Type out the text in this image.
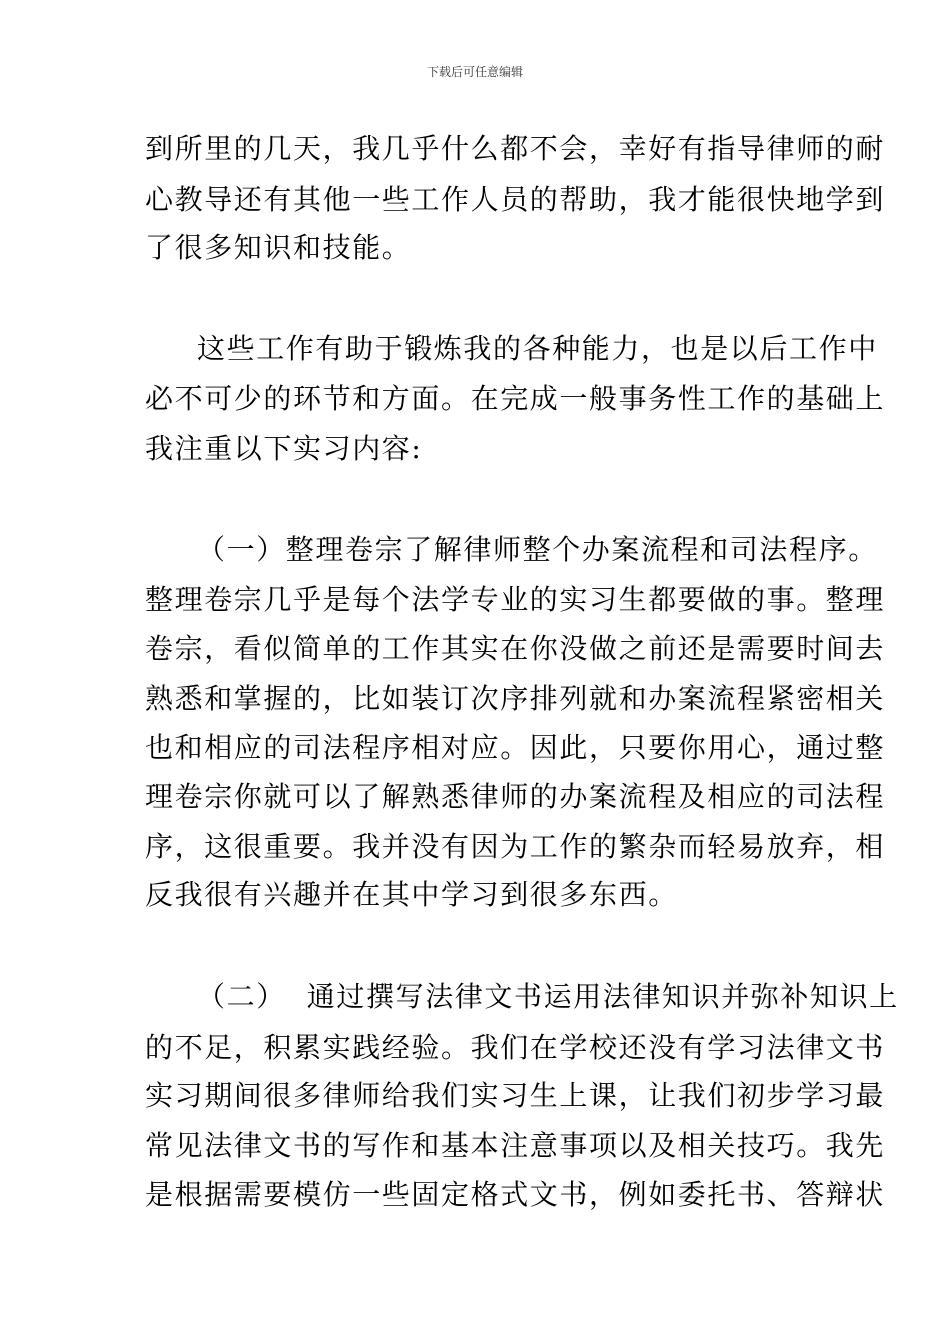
下载后可任意编辑
到所里的几天，我几乎什么都不会，幸好有指导律师的耐
心教导还有其他一些工作人员的帮助，我才能很快地学到
了很多知识和技能。
这些工作有助于锻炼我的各种能力，也是以后工作中
必不可少的环节和方面。在完成一般事务性工作的基础上
我注重以下实习内容:
（一）整理卷宗了解律师整个办案流程和司法程序。
整理卷宗几乎是每个法学专业的实习生都要做的事。整理
卷宗，看似简单的工作其实在你没做之前还是需要时间去
熟悉和掌握的，比如装订次序排列就和办案流程紧密相关
也和相应的司法程序相对应。因此，只要你用心，通过整
理卷宗你就可以了解熟悉律师的办案流程及相应的司法程
序，这很重要。我并没有因为工作的繁杂而轻易放弃，相
反我很有兴趣并在其中学习到很多东西。
（二）  通过撰写法律文书运用法律知识并弥补知识上
的不足，积累实践经验。我们在学校还没有学习法律文书
实习期间很多律师给我们实习生上课，让我们初步学习最
常见法律文书的写作和基本注意事项以及相关技巧。我先
是根据需要模仿一些固定格式文书，例如委托书、答辩状
